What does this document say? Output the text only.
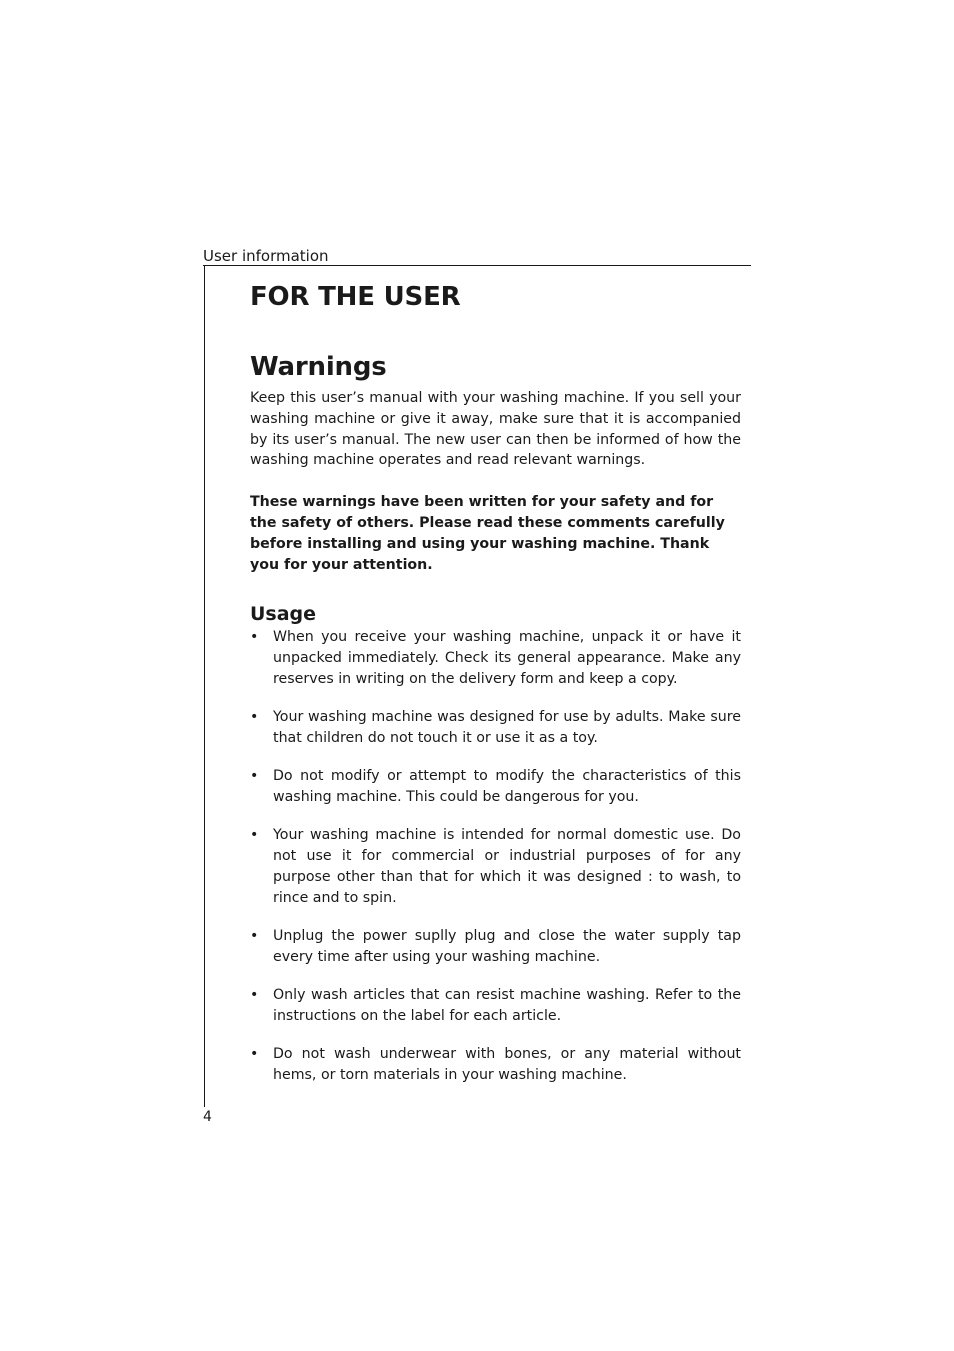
User information
FOR THE USER
Warnings

Keep this user’s manual with your washing machine. If you sell your washing machine or give it away, make sure that it is accompanied by its user’s manual. The new user can then be informed of how the washing machine operates and read relevant warnings.

These warnings have been written for your safety and for the safety of others. Please read these comments carefully before installing and using your washing machine. Thank you for your attention.

Usage
• When you receive your washing machine, unpack it or have it unpacked immediately. Check its general appearance. Make any reserves in writing on the delivery form and keep a copy.
• Your washing machine was designed for use by adults. Make sure that children do not touch it or use it as a toy.
• Do not modify or attempt to modify the characteristics of this washing machine. This could be dangerous for you.
• Your washing machine is intended for normal domestic use. Do not use it for commercial or industrial purposes of for any purpose other than that for which it was designed : to wash, to rince and to spin.
• Unplug the power suplly plug and close the water supply tap every time after using your washing machine.
• Only wash articles that can resist machine washing. Refer to the instructions on the label for each article.
• Do not wash underwear with bones, or any material without hems, or torn materials in your washing machine.
4
